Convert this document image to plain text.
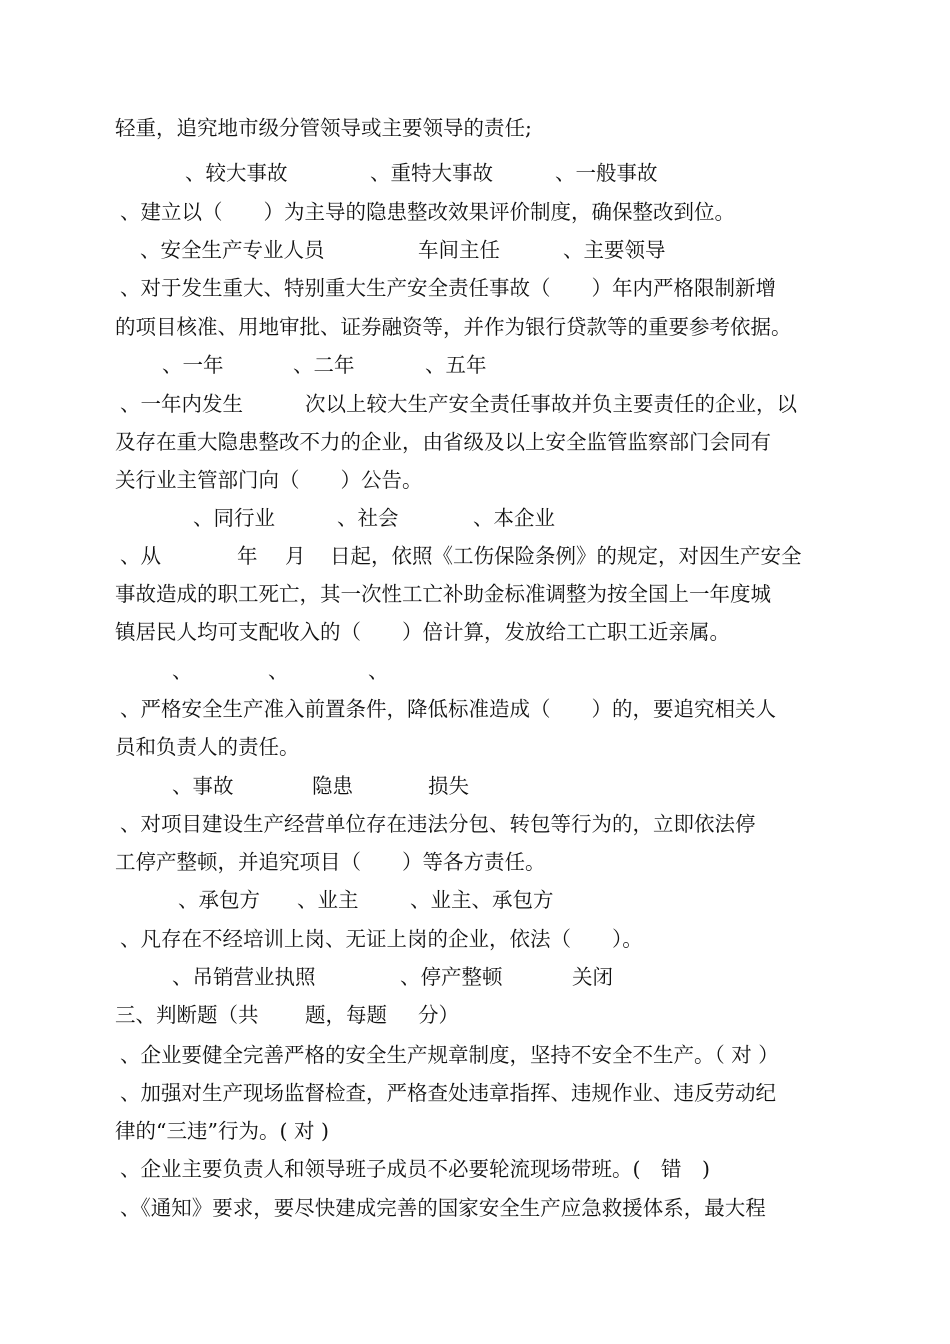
轻重，追究地市级分管领导或主要领导的责任;
、较大事故	、重特大事故	、一般事故
、建立以（　　）为主导的隐患整改效果评价制度，确保整改到位。
、安全生产专业人员	车间主任	、主要领导
、对于发生重大、特别重大生产安全责任事故（　　）年内严格限制新增
的项目核准、用地审批、证券融资等，并作为银行贷款等的重要参考依据。
、一年	、二年	、五年
、一年内发生	次以上较大生产安全责任事故并负主要责任的企业，以
及存在重大隐患整改不力的企业，由省级及以上安全监管监察部门会同有
关行业主管部门向（　　）公告。
、同行业	、社会	、本企业
、从	年 月 日起，依照《工伤保险条例》的规定，对因生产安全
事故造成的职工死亡，其一次性工亡补助金标准调整为按全国上一年度城
镇居民人均可支配收入的（　　）倍计算，发放给工亡职工近亲属。
、	、	、
、严格安全生产准入前置条件，降低标准造成（　　）的，要追究相关人
员和负责人的责任。
、事故	隐患	损失
、对项目建设生产经营单位存在违法分包、转包等行为的，立即依法停
工停产整顿，并追究项目（　　）等各方责任。
、承包方 、业主	、业主、承包方
、凡存在不经培训上岗、无证上岗的企业，依法（　　）。
、吊销营业执照	、停产整顿	关闭
三、判断题（共 题，每题 分）
、企业要健全完善严格的安全生产规章制度，坚持不安全不生产。（ 对 ）
、加强对生产现场监督检查，严格查处违章指挥、违规作业、违反劳动纪
律的“三违”行为。( 对 )
、企业主要负责人和领导班子成员不必要轮流现场带班。(　错　)
、《通知》要求，要尽快建成完善的国家安全生产应急救援体系，最大程
